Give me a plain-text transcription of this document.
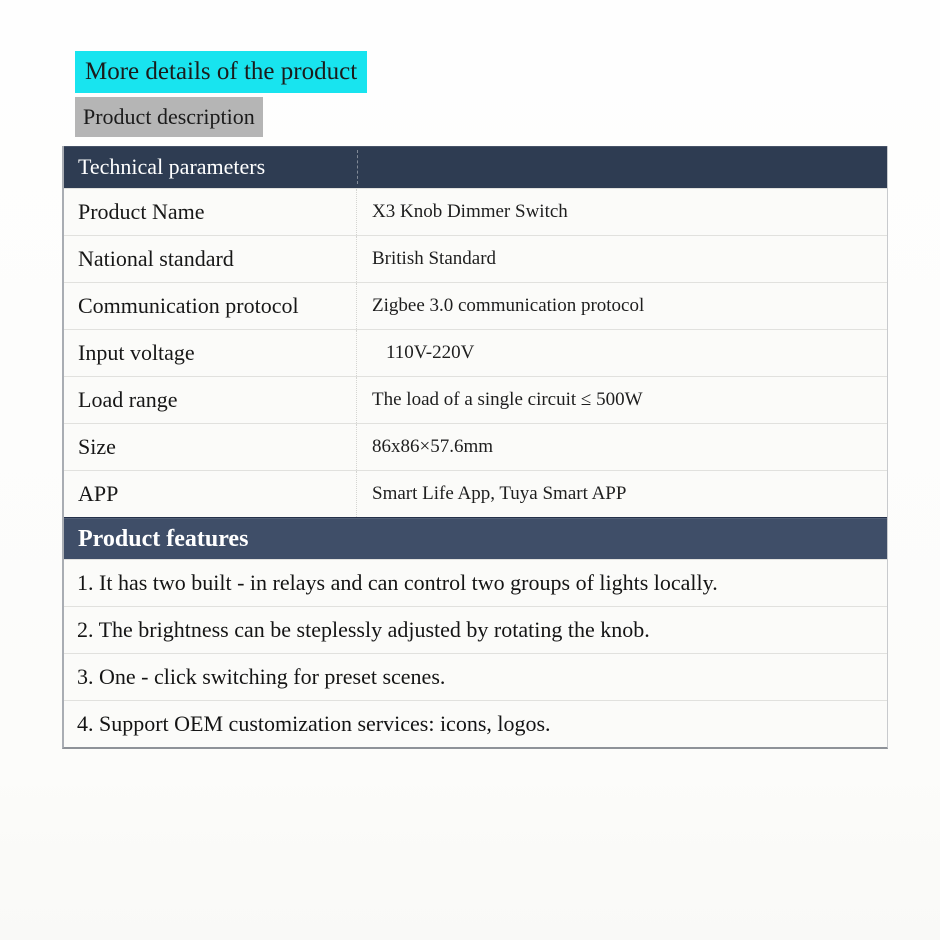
More details of the product
Product description
Technical parameters
Product Name	X3 Knob Dimmer Switch
National standard	British Standard
Communication protocol	Zigbee 3.0 communication protocol
Input voltage	110V-220V
Load range	The load of a single circuit ≤ 500W
Size	86x86×57.6mm
APP	Smart Life App, Tuya Smart APP
Product features
1. It has two built - in relays and can control two groups of lights locally.
2. The brightness can be steplessly adjusted by rotating the knob.
3. One - click switching for preset scenes.
4. Support OEM customization services: icons, logos.
